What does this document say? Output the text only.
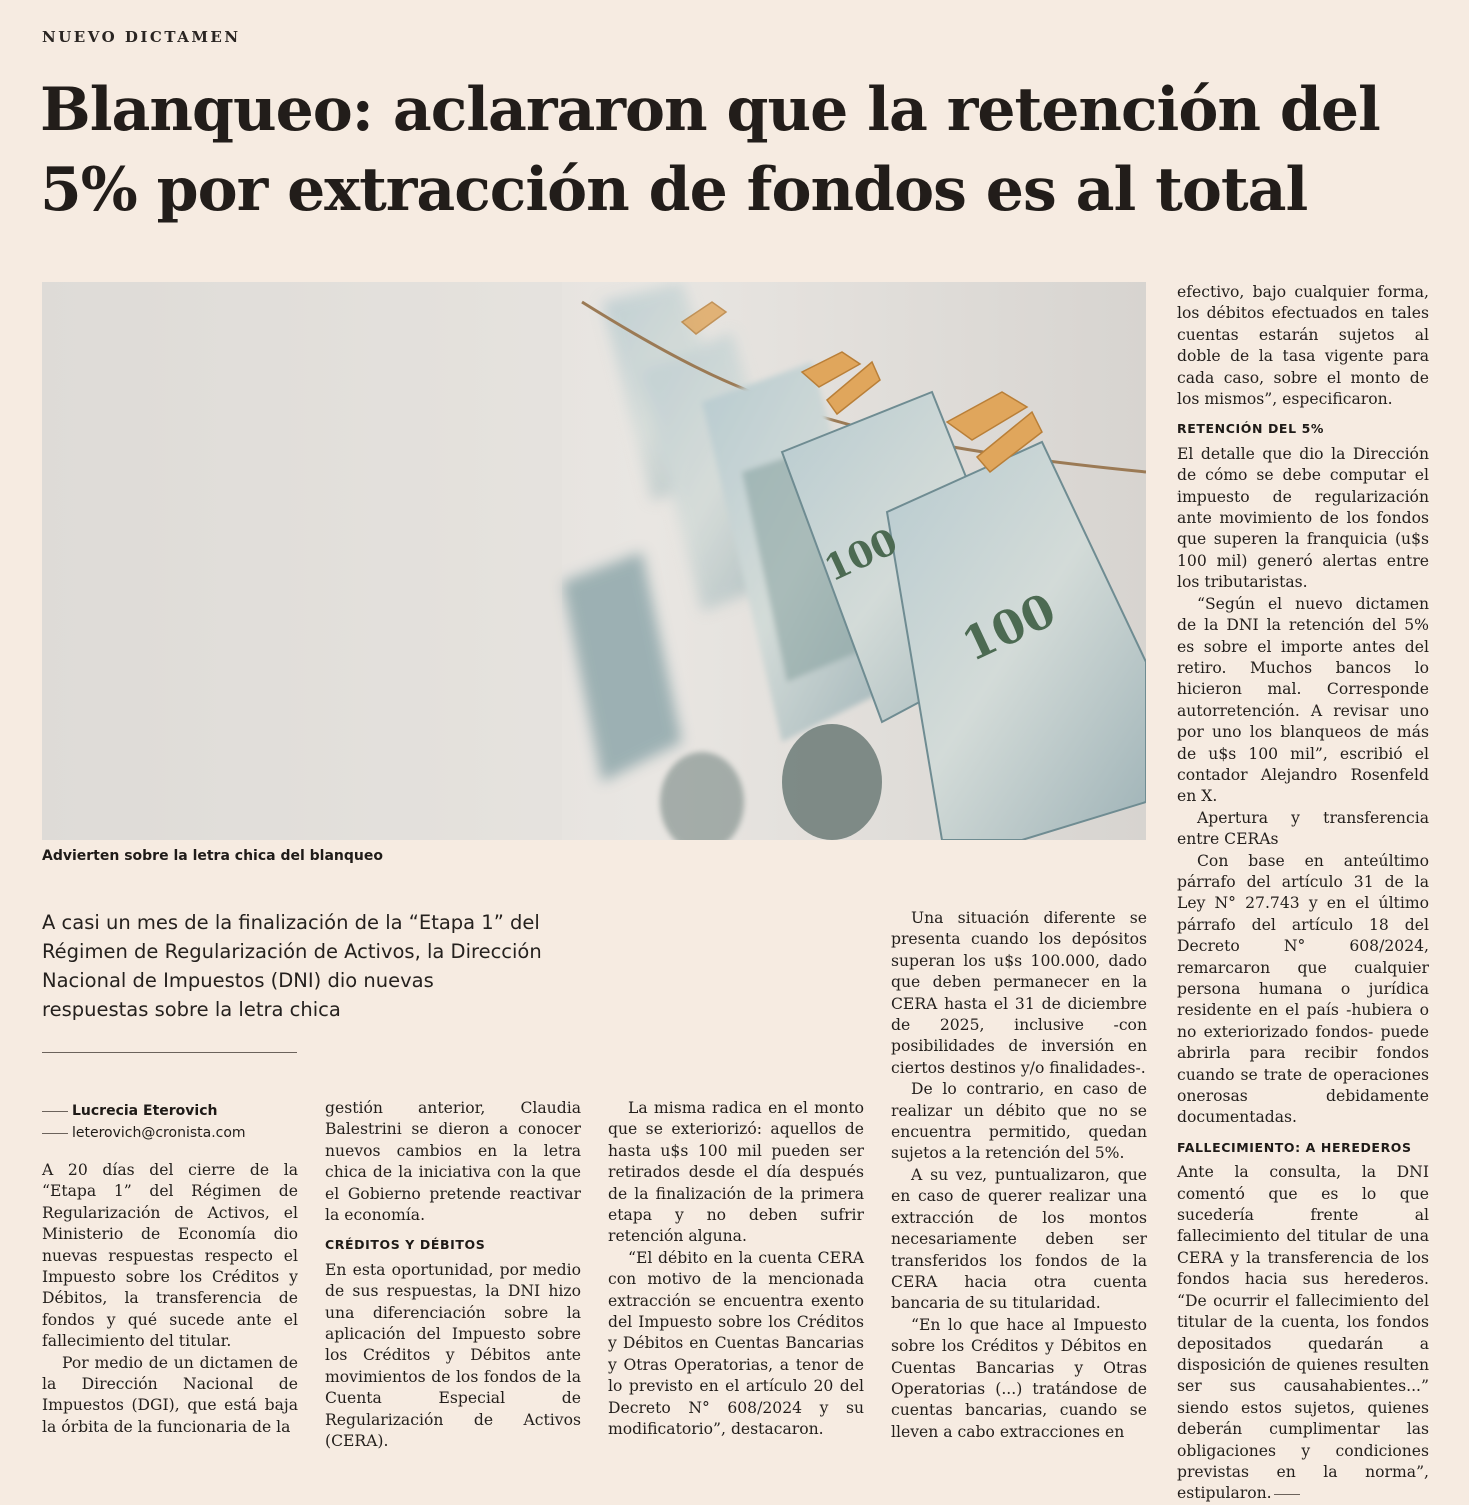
NUEVO DICTAMEN
Blanqueo: aclararon que la retención del 5% por extracción de fondos es al total
100
100
Advierten sobre la letra chica del blanqueo

A casi un mes de la finalización de la “Etapa 1” del Régimen de Regularización de Activos, la Dirección Nacional de Impuestos (DNI) dio nuevas respuestas sobre la letra chica

Lucrecia Eterovich
leterovich@cronista.com

A 20 días del cierre de la “Etapa 1” del Régimen de Regularización de Activos, el Ministerio de Economía dio nuevas respuestas respecto el Impuesto sobre los Créditos y Débitos, la transferencia de fondos y qué sucede ante el fallecimiento del titular.

Por medio de un dictamen de la Dirección Nacional de Impuestos (DGI), que está baja la órbita de la funcionaria de la

gestión anterior, Claudia Balestrini se dieron a conocer nuevos cambios en la letra chica de la iniciativa con la que el Gobierno pretende reactivar la economía.

CRÉDITOS Y DÉBITOS

En esta oportunidad, por medio de sus respuestas, la DNI hizo una diferenciación sobre la aplicación del Impuesto sobre los Créditos y Débitos ante movimientos de los fondos de la Cuenta Especial de Regularización de Activos (CERA).

La misma radica en el monto que se exteriorizó: aquellos de hasta u$s 100 mil pueden ser retirados desde el día después de la finalización de la primera etapa y no deben sufrir retención alguna.

“El débito en la cuenta CERA con motivo de la mencionada extracción se encuentra exento del Impuesto sobre los Créditos y Débitos en Cuentas Bancarias y Otras Operatorias, a tenor de lo previsto en el artículo 20 del Decreto N° 608/2024 y su modificatorio”, destacaron.

Una situación diferente se presenta cuando los depósitos superan los u$s 100.000, dado que deben permanecer en la CERA hasta el 31 de diciembre de 2025, inclusive -con posibilidades de inversión en ciertos destinos y/o finalidades-.

De lo contrario, en caso de realizar un débito que no se encuentra permitido, quedan sujetos a la retención del 5%.

A su vez, puntualizaron, que en caso de querer realizar una extracción de los montos necesariamente deben ser transferidos los fondos de la CERA hacia otra cuenta bancaria de su titularidad.

“En lo que hace al Impuesto sobre los Créditos y Débitos en Cuentas Bancarias y Otras Operatorias (...) tratándose de cuentas bancarias, cuando se lleven a cabo extracciones en

efectivo, bajo cualquier forma, los débitos efectuados en tales cuentas estarán sujetos al doble de la tasa vigente para cada caso, sobre el monto de los mismos”, especificaron.

RETENCIÓN DEL 5%

El detalle que dio la Dirección de cómo se debe computar el impuesto de regularización ante movimiento de los fondos que superen la franquicia (u$s 100 mil) generó alertas entre los tributaristas.

“Según el nuevo dictamen de la DNI la retención del 5% es sobre el importe antes del retiro. Muchos bancos lo hicieron mal. Corresponde autorretención. A revisar uno por uno los blanqueos de más de u$s 100 mil”, escribió el contador Alejandro Rosenfeld en X.

Apertura y transferencia entre CERAs

Con base en anteúltimo párrafo del artículo 31 de la Ley N° 27.743 y en el último párrafo del artículo 18 del Decreto N° 608/2024, remarcaron que cualquier persona humana o jurídica residente en el país -hubiera o no exteriorizado fondos- puede abrirla para recibir fondos cuando se trate de operaciones onerosas debidamente documentadas.

FALLECIMIENTO: A HEREDEROS

Ante la consulta, la DNI comentó que es lo que sucedería frente al fallecimiento del titular de una CERA y la transferencia de los fondos hacia sus herederos. “De ocurrir el fallecimiento del titular de la cuenta, los fondos depositados quedarán a disposición de quienes resulten ser sus causahabientes...” siendo estos sujetos, quienes deberán cumplimentar las obligaciones y condiciones previstas en la norma”, estipularon.
